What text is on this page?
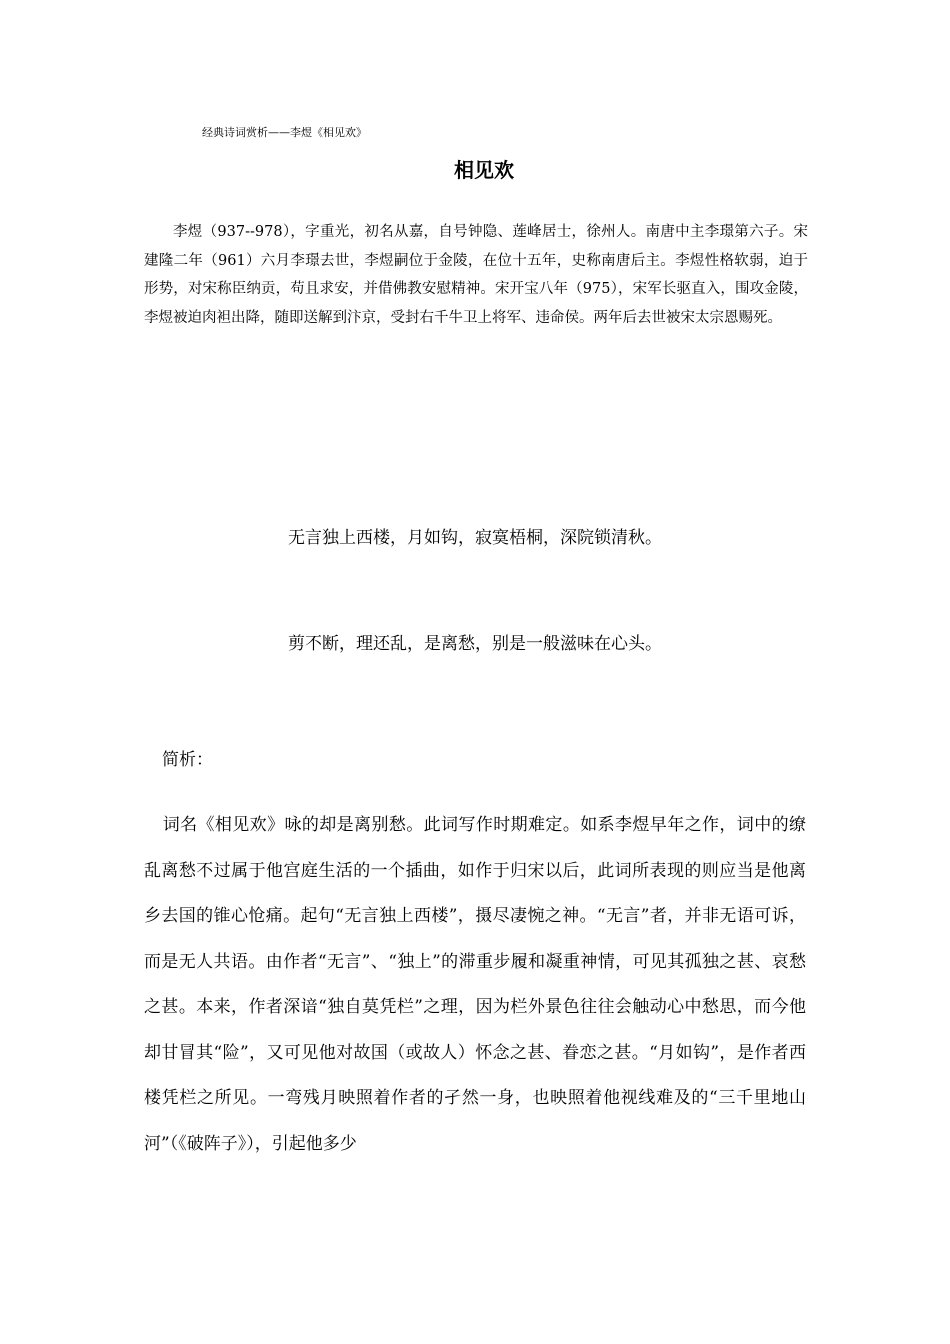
经典诗词赏析——李煜《相见欢》
相见欢

李煜（937--978），字重光，初名从嘉，自号钟隐、莲峰居士，徐州人。南唐中主李璟第六子。宋建隆二年（961）六月李璟去世，李煜嗣位于金陵，在位十五年，史称南唐后主。李煜性格软弱，迫于形势，对宋称臣纳贡，苟且求安，并借佛教安慰精神。宋开宝八年（975），宋军长驱直入，围攻金陵，李煜被迫肉袒出降，随即送解到汴京，受封右千牛卫上将军、违命侯。两年后去世被宋太宗恩赐死。

无言独上西楼，月如钩，寂寞梧桐，深院锁清秋。
剪不断，理还乱，是离愁，别是一般滋味在心头。
简析：

词名《相见欢》咏的却是离别愁。此词写作时期难定。如系李煜早年之作，词中的缭乱离愁不过属于他宫庭生活的一个插曲，如作于归宋以后，此词所表现的则应当是他离乡去国的锥心怆痛。起句“无言独上西楼”，摄尽凄惋之神。“无言”者，并非无语可诉，而是无人共语。由作者“无言”、“独上”的滞重步履和凝重神情，可见其孤独之甚、哀愁之甚。本来，作者深谙“独自莫凭栏”之理，因为栏外景色往往会触动心中愁思，而今他却甘冒其“险”，又可见他对故国（或故人）怀念之甚、眷恋之甚。“月如钩”，是作者西楼凭栏之所见。一弯残月映照着作者的孑然一身，也映照着他视线难及的“三千里地山河”（《破阵子》），引起他多少
